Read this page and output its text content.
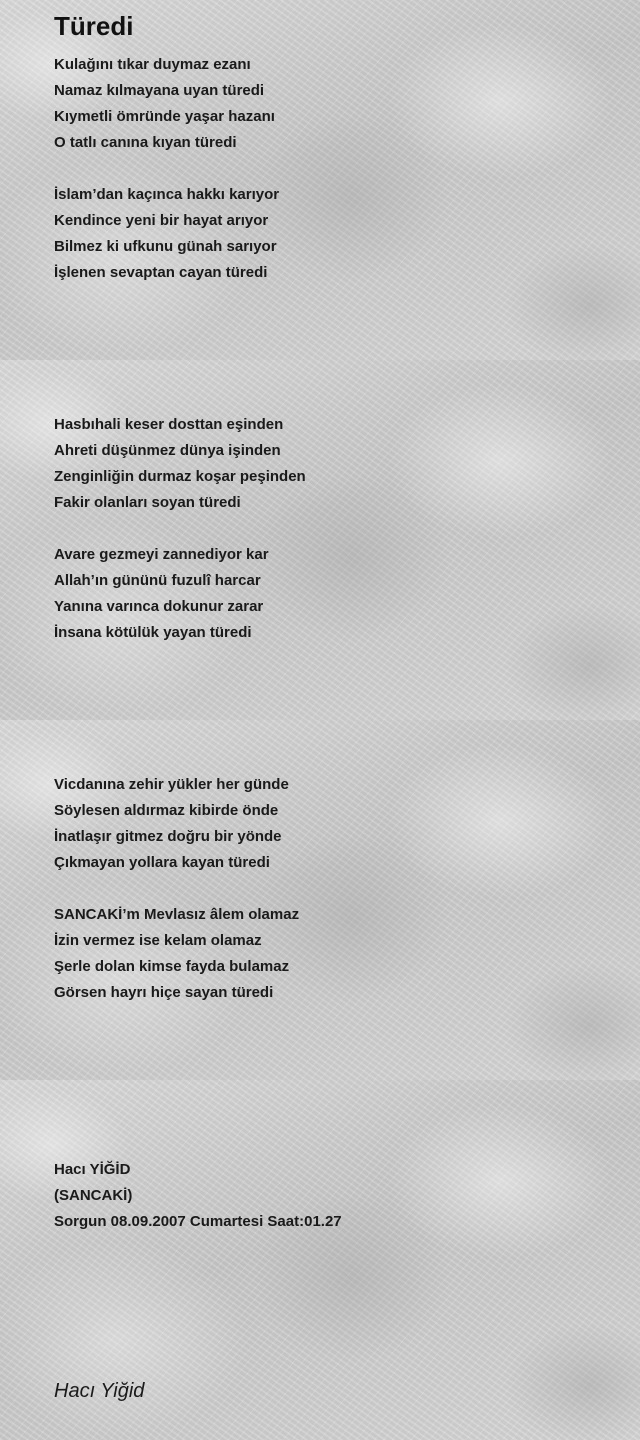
Türedi
Kulağını tıkar duymaz ezanı
Namaz kılmayana uyan türedi
Kıymetli ömründe yaşar hazanı
O tatlı canına kıyan türedi
İslam’dan kaçınca hakkı karıyor
Kendince yeni bir hayat arıyor
Bilmez ki ufkunu günah sarıyor
İşlenen sevaptan cayan türedi
Hasbıhali keser dosttan eşinden
Ahreti düşünmez dünya işinden
Zenginliğin durmaz koşar peşinden
Fakir olanları soyan türedi
Avare gezmeyi zannediyor kar
Allah’ın gününü fuzulî harcar
Yanına varınca dokunur zarar
İnsana kötülük yayan türedi
Vicdanına zehir yükler her günde
Söylesen aldırmaz kibirde önde
İnatlaşır gitmez doğru bir yönde
Çıkmayan yollara kayan türedi
SANCAKİ’m Mevlasız âlem olamaz
İzin vermez ise kelam olamaz
Şerle dolan kimse fayda bulamaz
Görsen hayrı hiçe sayan türedi
Hacı YİĞİD
(SANCAKİ)
Sorgun 08.09.2007 Cumartesi Saat:01.27
Hacı Yiğid
